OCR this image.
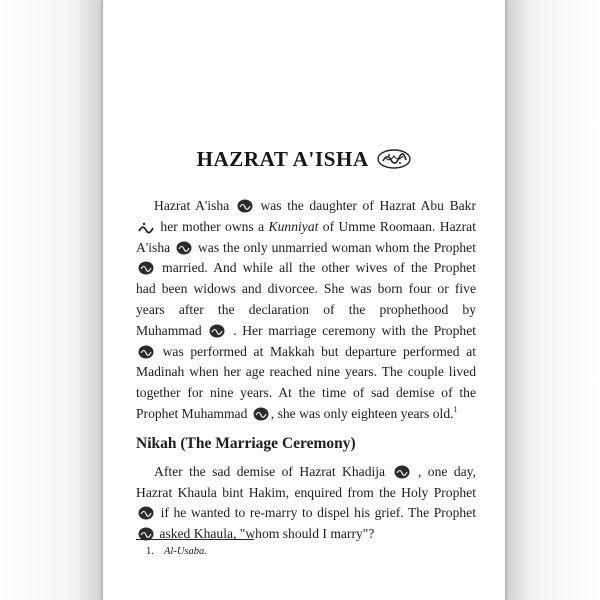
HAZRAT A'ISHA
Hazrat A'isha was the daughter of Hazrat Abu Bakr
her mother owns a Kunniyat of Umme Roomaan. Hazrat
A'isha was the only unmarried woman whom the Prophet
married. And while all the other wives of the Prophet
had been widows and divorcee. She was born four or five
years after the declaration of the prophethood by
Muhammad . Her marriage ceremony with the Prophet
was performed at Makkah but departure performed at
Madinah when her age reached nine years. The couple lived
together for nine years. At the time of sad demise of the
Prophet Muhammad , she was only eighteen years old.$^1$
Nikah (The Marriage Ceremony)
After the sad demise of Hazrat Khadija , one day,
Hazrat Khaula bint Hakim, enquired from the Holy Prophet
if he wanted to re-marry to dispel his grief. The Prophet
asked Khaula, "whom should I marry"?
1. Al-Usaba.
